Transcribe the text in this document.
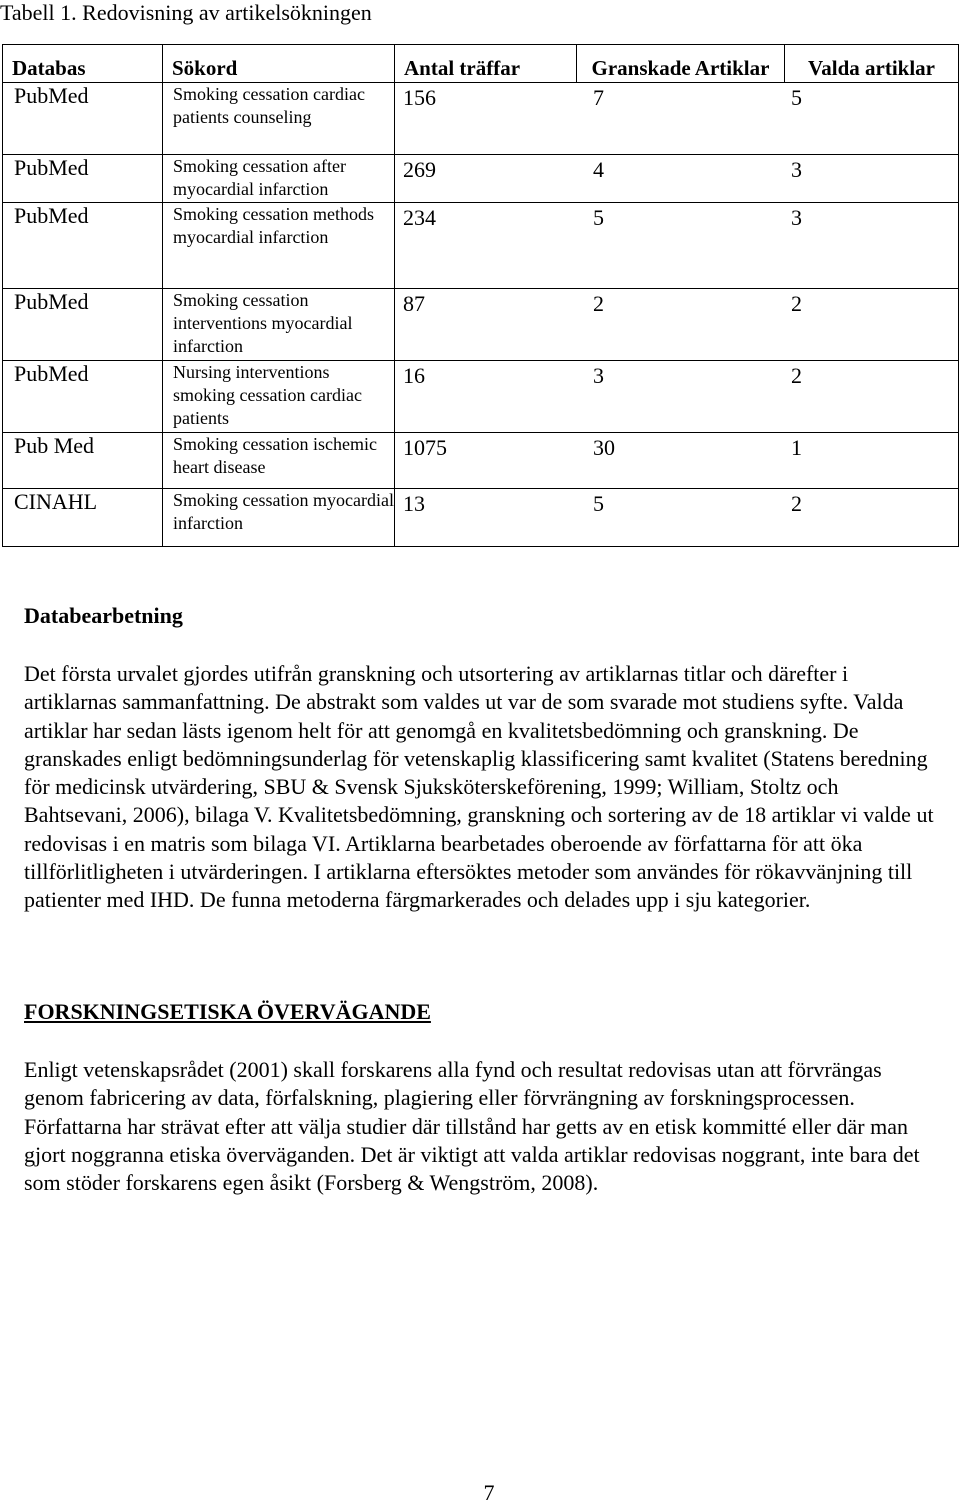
Tabell 1. Redovisning av artikelsökningen
Databas	Sökord	Antal träffar	Granskade Artiklar	Valda artiklar
PubMed	Smoking cessation cardiac patients counseling	156 7 5		
PubMed	Smoking cessation after myocardial infarction	269 4 3		
PubMed	Smoking cessation methods myocardial infarction	234 5 3		
PubMed	Smoking cessation interventions myocardial infarction	87 2 2		
PubMed	Nursing interventions smoking cessation cardiac patients	16 3 2		
Pub Med	Smoking cessation ischemic heart disease	1075 30 1		
CINAHL	Smoking cessation myocardial infarction	13 5 2		
Databearbetning
Det första urvalet gjordes utifrån granskning och utsortering av artiklarnas titlar och därefter i artiklarnas sammanfattning. De abstrakt som valdes ut var de som svarade mot studiens syfte. Valda artiklar har sedan lästs igenom helt för att genomgå en kvalitetsbedömning och granskning. De granskades enligt bedömningsunderlag för vetenskaplig klassificering samt kvalitet (Statens beredning för medicinsk utvärdering, SBU & Svensk Sjuksköterskeförening, 1999; William, Stoltz och Bahtsevani, 2006), bilaga V. Kvalitetsbedömning, granskning och sortering av de 18 artiklar vi valde ut redovisas i en matris som bilaga VI. Artiklarna bearbetades oberoende av författarna för att öka tillförlitligheten i utvärderingen. I artiklarna eftersöktes metoder som användes för rökavvänjning till patienter med IHD. De funna metoderna färgmarkerades och delades upp i sju kategorier.
FORSKNINGSETISKA ÖVERVÄGANDE
Enligt vetenskapsrådet (2001) skall forskarens alla fynd och resultat redovisas utan att förvrängas genom fabricering av data, förfalskning, plagiering eller förvrängning av forskningsprocessen. Författarna har strävat efter att välja studier där tillstånd har getts av en etisk kommitté eller där man gjort noggranna etiska överväganden. Det är viktigt att valda artiklar redovisas noggrant, inte bara det som stöder forskarens egen åsikt (Forsberg & Wengström, 2008).
7
